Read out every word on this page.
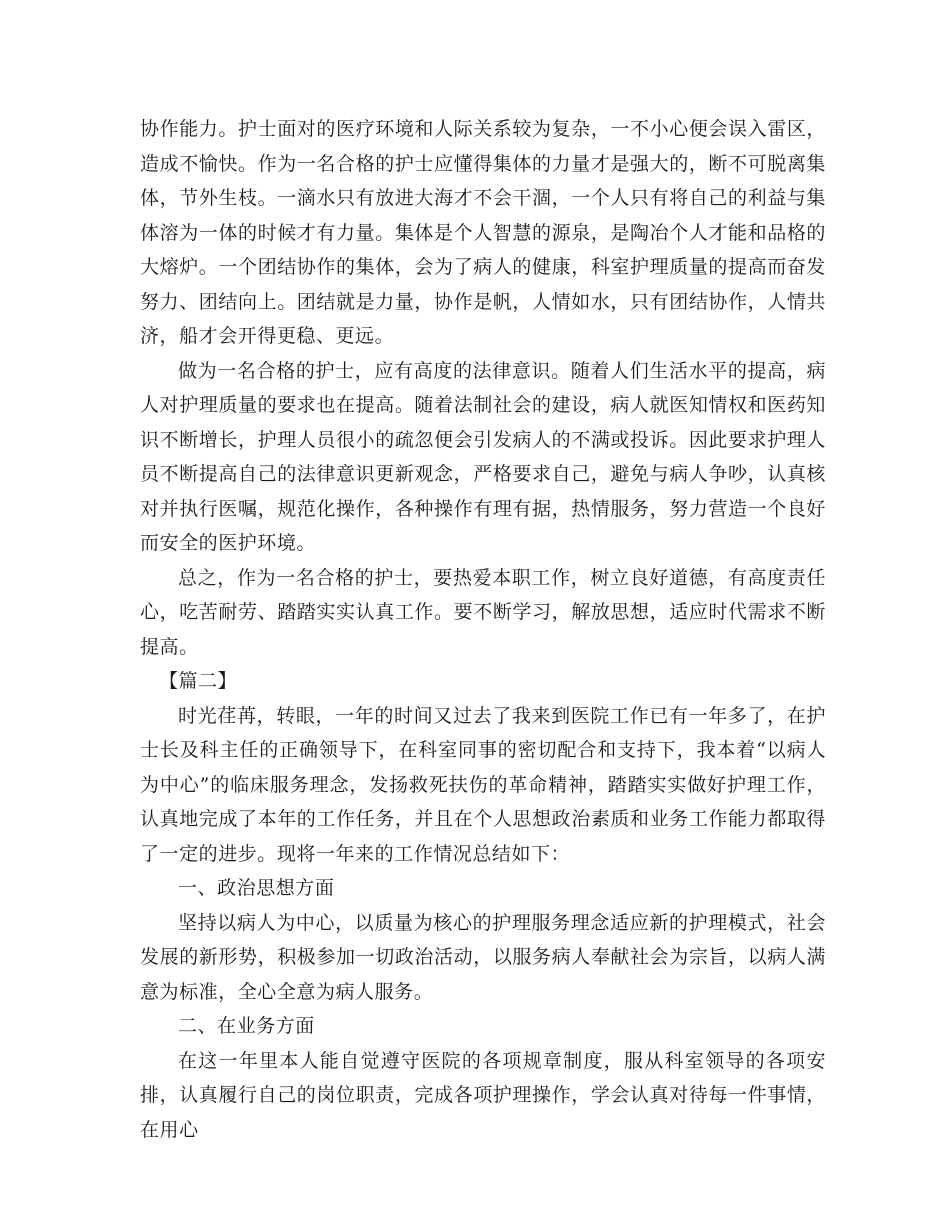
协作能力。护士面对的医疗环境和人际关系较为复杂，一不小心便会误入雷区，造成不愉快。作为一名合格的护士应懂得集体的力量才是强大的，断不可脱离集体，节外生枝。一滴水只有放进大海才不会干涸，一个人只有将自己的利益与集体溶为一体的时候才有力量。集体是个人智慧的源泉，是陶冶个人才能和品格的大熔炉。一个团结协作的集体，会为了病人的健康，科室护理质量的提高而奋发努力、团结向上。团结就是力量，协作是帆，人情如水，只有团结协作，人情共济，船才会开得更稳、更远。

做为一名合格的护士，应有高度的法律意识。随着人们生活水平的提高，病人对护理质量的要求也在提高。随着法制社会的建设，病人就医知情权和医药知识不断增长，护理人员很小的疏忽便会引发病人的不满或投诉。因此要求护理人员不断提高自己的法律意识更新观念，严格要求自己，避免与病人争吵，认真核对并执行医嘱，规范化操作，各种操作有理有据，热情服务，努力营造一个良好而安全的医护环境。

总之，作为一名合格的护士，要热爱本职工作，树立良好道德，有高度责任心，吃苦耐劳、踏踏实实认真工作。要不断学习，解放思想，适应时代需求不断提高。

【篇二】

时光荏苒，转眼，一年的时间又过去了我来到医院工作已有一年多了，在护士长及科主任的正确领导下，在科室同事的密切配合和支持下，我本着“以病人为中心”的临床服务理念，发扬救死扶伤的革命精神，踏踏实实做好护理工作，认真地完成了本年的工作任务，并且在个人思想政治素质和业务工作能力都取得了一定的进步。现将一年来的工作情况总结如下：

一、政治思想方面

坚持以病人为中心，以质量为核心的护理服务理念适应新的护理模式，社会发展的新形势，积极参加一切政治活动，以服务病人奉献社会为宗旨，以病人满意为标准，全心全意为病人服务。

二、在业务方面

在这一年里本人能自觉遵守医院的各项规章制度，服从科室领导的各项安排，认真履行自己的岗位职责，完成各项护理操作，学会认真对待每一件事情，在用心
